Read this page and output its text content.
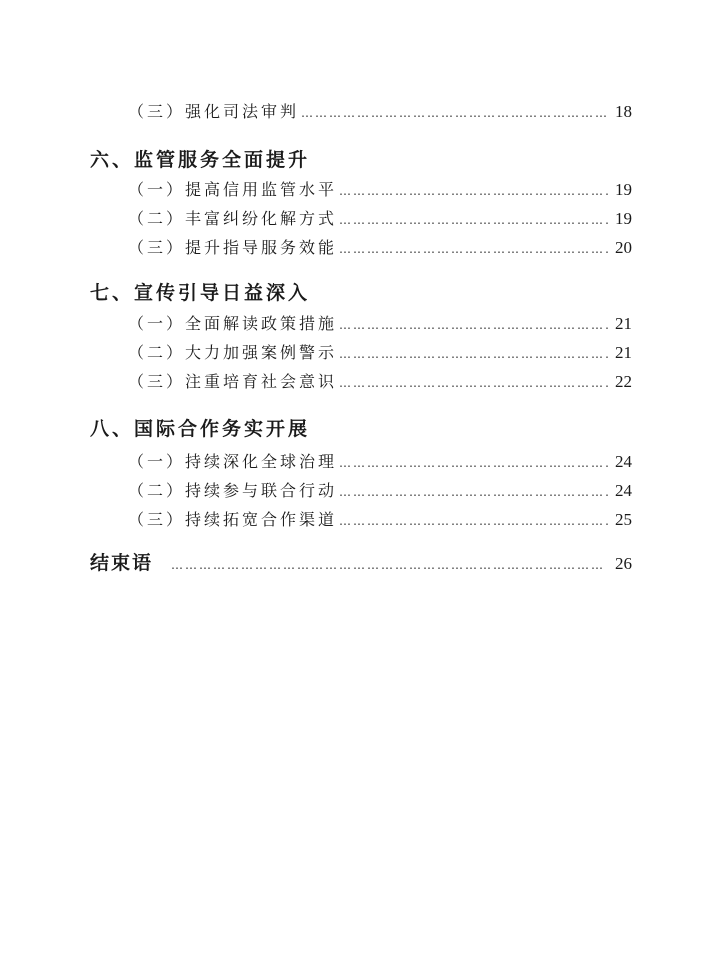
（三）强化司法审判 …………………………………………………………………………………………………………………………………………………………………………………………………………	18
六、监管服务全面提升
（一）提高信用监管水平 …………………………………………………………………………………………………………………………………………………………………………………………………………	19
（二）丰富纠纷化解方式 …………………………………………………………………………………………………………………………………………………………………………………………………………	19
（三）提升指导服务效能 …………………………………………………………………………………………………………………………………………………………………………………………………………	20
七、宣传引导日益深入
（一）全面解读政策措施 …………………………………………………………………………………………………………………………………………………………………………………………………………	21
（二）大力加强案例警示 …………………………………………………………………………………………………………………………………………………………………………………………………………	21
（三）注重培育社会意识 …………………………………………………………………………………………………………………………………………………………………………………………………………	22
八、国际合作务实开展
（一）持续深化全球治理 …………………………………………………………………………………………………………………………………………………………………………………………………………	24
（二）持续参与联合行动 …………………………………………………………………………………………………………………………………………………………………………………………………………	24
（三）持续拓宽合作渠道 …………………………………………………………………………………………………………………………………………………………………………………………………………	25
结束语 …………………………………………………………………………………………………………………………………………………………………………………………………………	26
